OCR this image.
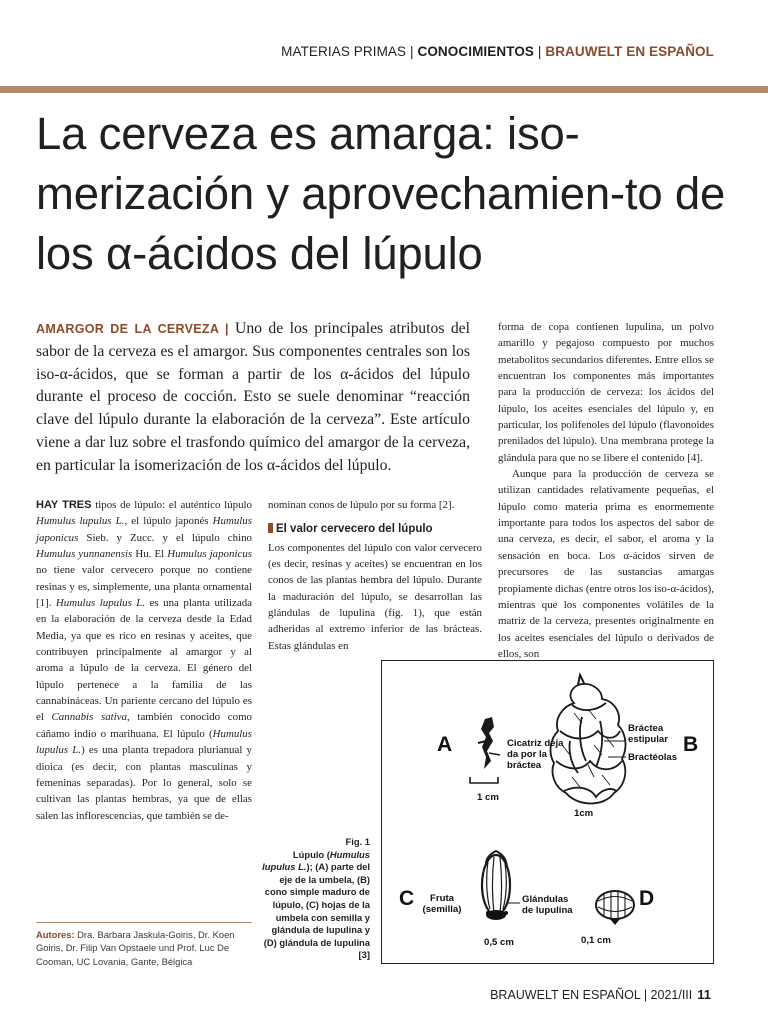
MATERIAS PRIMAS | CONOCIMIENTOS | BRAUWELT EN ESPAÑOL
La cerveza es amarga: iso-merización y aprovechamien-to de los α-ácidos del lúpulo

AMARGOR DE LA CERVEZA | Uno de los principales atributos del sabor de la cerveza es el amargor. Sus componentes centrales son los iso-α-ácidos, que se forman a partir de los α-ácidos del lúpulo durante el proceso de cocción. Esto se suele denominar “reacción clave del lúpulo durante la elaboración de la cerveza”. Este artículo viene a dar luz sobre el trasfondo químico del amargor de la cerveza, en particular la isomerización de los α-ácidos del lúpulo.

HAY TRES tipos de lúpulo: el auténtico lúpulo Humulus lupulus L., el lúpulo japonés Humulus japonicus Sieb. y Zucc. y el lúpulo chino Humulus yunnanensis Hu. El Humulus japonicus no tiene valor cervecero porque no contiene resinas y es, simplemente, una planta ornamental [1]. Humulus lupulus L. es una planta utilizada en la elaboración de la cerveza desde la Edad Media, ya que es rico en resinas y aceites, que contribuyen principalmente al amargor y al aroma a lúpulo de la cerveza. El género del lúpulo pertenece a la familia de las cannabináceas. Un pariente cercano del lúpulo es el Cannabis sativa, también conocido como cáñamo indio o marihuana. El lúpulo (Humulus lupulus L.) es una planta trepadora plurianual y dioica (es decir, con plantas masculinas y femeninas separadas). Por lo general, solo se cultivan las plantas hembras, ya que de ellas salen las inflorescencias, que también se de-

nominan conos de lúpulo por su forma [2].

El valor cervecero del lúpulo

Los componentes del lúpulo con valor cervecero (es decir, resinas y aceites) se encuentran en los conos de las plantas hembra del lúpulo. Durante la maduración del lúpulo, se desarrollan las glándulas de lupulina (fig. 1), que están adheridas al extremo inferior de las brácteas. Estas glándulas en

forma de copa contienen lupulina, un polvo amarillo y pegajoso compuesto por muchos metabolitos secundarios diferentes. Entre ellos se encuentran los componentes más importantes para la producción de cerveza: los ácidos del lúpulo, los aceites esenciales del lúpulo y, en particular, los polifenoles del lúpulo (flavonoides prenilados del lúpulo). Una membrana protege la glándula para que no se libere el contenido [4].

Aunque para la producción de cerveza se utilizan cantidades relativamente pequeñas, el lúpulo como materia prima es enormemente importante para todos los aspectos del sabor de una cerveza, es decir, el sabor, el aroma y la sensación en boca. Los α-ácidos sirven de precursores de las sustancias amargas propiamente dichas (entre otros los iso-α-ácidos), mientras que los componentes volátiles de la matriz de la cerveza, presentes originalmente en los aceites esenciales del lúpulo o derivados de ellos, son

Autores: Dra. Barbara Jaskula-Goiris, Dr. Koen Goiris, Dr. Filip Van Opstaele und Prof. Luc De Cooman, UC Lovania, Gante, Bélgica

Fig. 1
Lúpulo (Humulus lupulus L.); (A) parte del eje de la umbela, (B) cono simple maduro de lúpulo, (C) hojas de la umbela con semilla y glándula de lupulina y (D) glándula de lupulina [3]

A	B
C	D
Cicatriz deja da por la bráctea
Bráctea estipular
Bractéolas
1 cm
1cm
Fruta (semilla)
Glándulas de lupulina
0,5 cm	0,1 cm
BRAUWELT EN ESPAÑOL | 2021/III 11
